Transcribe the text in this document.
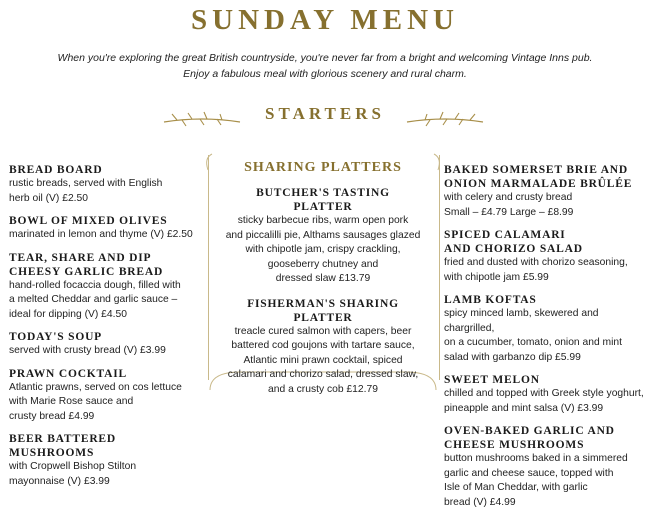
SUNDAY MENU
When you're exploring the great British countryside, you're never far from a bright and welcoming Vintage Inns pub.
Enjoy a fabulous meal with glorious scenery and rural charm.
STARTERS
BREAD BOARD
rustic breads, served with English
herb oil (V) £2.50
BOWL OF MIXED OLIVES
marinated in lemon and thyme (V) £2.50
TEAR, SHARE AND DIP
CHEESY GARLIC BREAD
hand-rolled focaccia dough, filled with
a melted Cheddar and garlic sauce –
ideal for dipping (V) £4.50
TODAY'S SOUP
served with crusty bread (V) £3.99
PRAWN COCKTAIL
Atlantic prawns, served on cos lettuce
with Marie Rose sauce and
crusty bread £4.99
BEER BATTERED MUSHROOMS
with Cropwell Bishop Stilton
mayonnaise (V) £3.99
SHARING PLATTERS
BUTCHER'S TASTING
PLATTER
sticky barbecue ribs, warm open pork
and piccalilli pie, Althams sausages glazed
with chipotle jam, crispy crackling,
gooseberry chutney and
dressed slaw £13.79
FISHERMAN'S SHARING
PLATTER
treacle cured salmon with capers, beer
battered cod goujons with tartare sauce,
Atlantic mini prawn cocktail, spiced
calamari and chorizo salad, dressed slaw,
and a crusty cob £12.79
BAKED SOMERSET BRIE AND
ONION MARMALADE BRÛLÉE
with celery and crusty bread
Small – £4.79 Large – £8.99
SPICED CALAMARI
AND CHORIZO SALAD
fried and dusted with chorizo seasoning,
with chipotle jam £5.99
LAMB KOFTAS
spicy minced lamb, skewered and chargrilled,
on a cucumber, tomato, onion and mint
salad with garbanzo dip £5.99
SWEET MELON
chilled and topped with Greek style yoghurt,
pineapple and mint salsa (V) £3.99
OVEN-BAKED GARLIC AND
CHEESE MUSHROOMS
button mushrooms baked in a simmered
garlic and cheese sauce, topped with
Isle of Man Cheddar, with garlic
bread (V) £4.99
